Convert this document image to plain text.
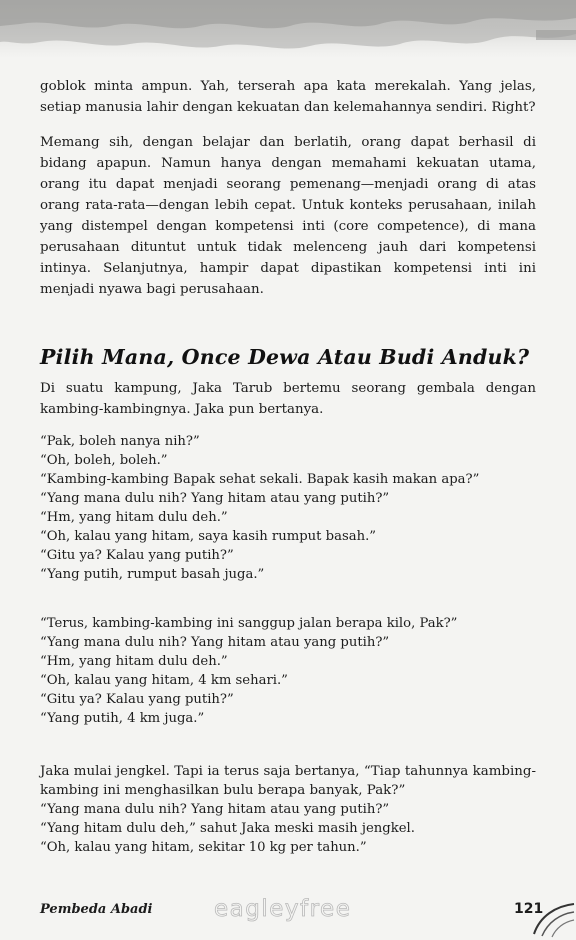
goblok minta ampun. Yah, terserah apa kata merekalah. Yang jelas, setiap manusia lahir dengan kekuatan dan kelemahannya sendiri. Right?

Memang sih, dengan belajar dan berlatih, orang dapat berhasil di bidang apapun. Namun hanya dengan memahami kekuatan utama, orang itu dapat menjadi seorang pemenang—menjadi orang di atas orang rata-rata—dengan lebih cepat. Untuk konteks perusahaan, inilah yang distempel dengan kompetensi inti (core competence), di mana perusahaan dituntut untuk tidak melenceng jauh dari kompetensi intinya. Selanjutnya, hampir dapat dipastikan kompetensi inti ini menjadi nyawa bagi perusahaan.

Pilih Mana, Once Dewa Atau Budi Anduk?

Di suatu kampung, Jaka Tarub bertemu seorang gembala dengan kambing-kambingnya. Jaka pun bertanya.

“Pak, boleh nanya nih?”
“Oh, boleh, boleh.”
“Kambing-kambing Bapak sehat sekali. Bapak kasih makan apa?”
“Yang mana dulu nih? Yang hitam atau yang putih?”
“Hm, yang hitam dulu deh.”
“Oh, kalau yang hitam, saya kasih rumput basah.”
“Gitu ya? Kalau yang putih?”
“Yang putih, rumput basah juga.”
“Terus, kambing-kambing ini sanggup jalan berapa kilo, Pak?”
“Yang mana dulu nih? Yang hitam atau yang putih?”
“Hm, yang hitam dulu deh.”
“Oh, kalau yang hitam, 4 km sehari.”
“Gitu ya? Kalau yang putih?”
“Yang putih, 4 km juga.”

Jaka mulai jengkel. Tapi ia terus saja bertanya, “Tiap tahunnya kambing-kambing ini menghasilkan bulu berapa banyak, Pak?”

“Yang mana dulu nih? Yang hitam atau yang putih?”
“Yang hitam dulu deh,” sahut Jaka meski masih jengkel.
“Oh, kalau yang hitam, sekitar 10 kg per tahun.”
Pembeda Abadi	eagleyfree	121
